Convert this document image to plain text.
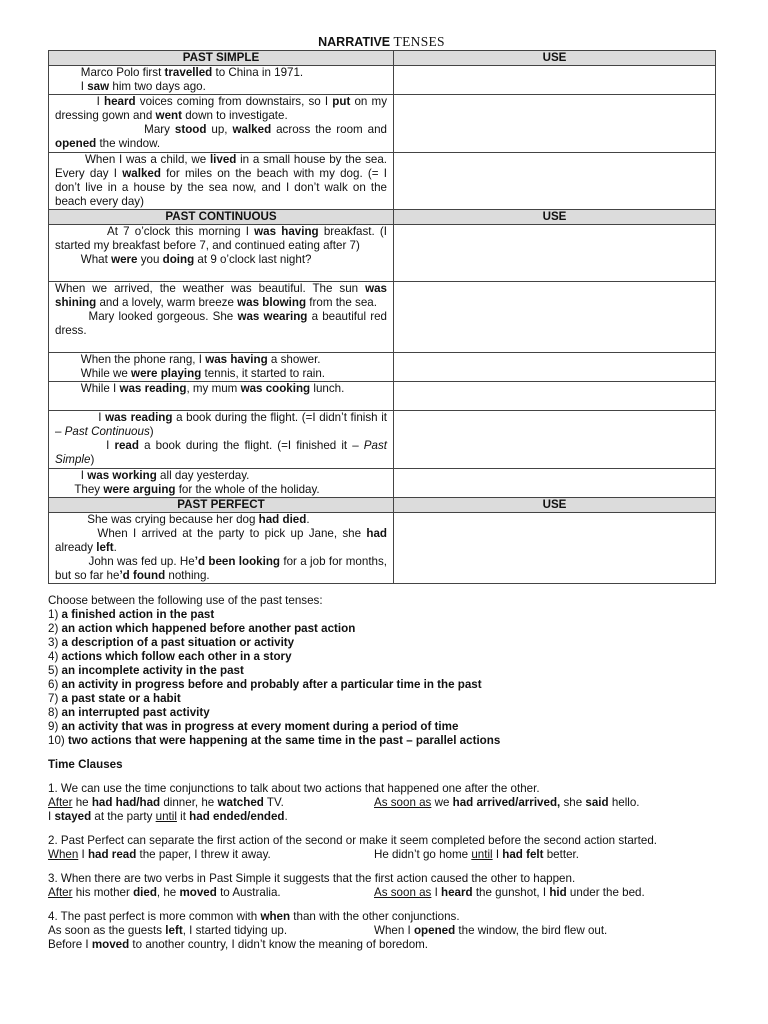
NARRATIVE TENSES
PAST SIMPLE	USE

Marco Polo first travelled to China in 1971.
I saw him two days ago.	

I heard voices coming from downstairs, so I put on my dressing gown and went down to investigate.
Mary stood up, walked across the room and opened the window.	

When I was a child, we lived in a small house by the sea. Every day I walked for miles on the beach with my dog. (= I don’t live in a house by the sea now, and I don’t walk on the beach every day)	

PAST CONTINUOUS	USE

At 7 o’clock this morning I was having breakfast. (I started my breakfast before 7, and continued eating after 7)
What were you doing at 9 o’clock last night?	

When we arrived, the weather was beautiful. The sun was shining and a lovely, warm breeze was blowing from the sea.
Mary looked gorgeous. She was wearing a beautiful red dress.	

When the phone rang, I was having a shower.
While we were playing tennis, it started to rain.	

While I was reading, my mum was cooking lunch.	

I was reading a book during the flight. (=I didn’t finish it – Past Continuous)
I read a book during the flight. (=I finished it – Past Simple)	

I was working all day yesterday.
They were arguing for the whole of the holiday.	

PAST PERFECT	USE

She was crying because her dog had died.
When I arrived at the party to pick up Jane, she had already left.
John was fed up. He’d been looking for a job for months, but so far he’d found nothing.	

Choose between the following use of the past tenses:
1) a finished action in the past
2) an action which happened before another past action
3) a description of a past situation or activity
4) actions which follow each other in a story
5) an incomplete activity in the past
6) an activity in progress before and probably after a particular time in the past
7) a past state or a habit
8) an interrupted past activity
9) an activity that was in progress at every moment during a period of time
10) two actions that were happening at the same time in the past – parallel actions
Time Clauses
1. We can use the time conjunctions to talk about two actions that happened one after the other.
After he had had/had dinner, he watched TV.	As soon as we had arrived/arrived, she said hello.
I stayed at the party until it had ended/ended.
2. Past Perfect can separate the first action of the second or make it seem completed before the second action started.
When I had read the paper, I threw it away.	He didn’t go home until I had felt better.
3. When there are two verbs in Past Simple it suggests that the first action caused the other to happen.
After his mother died, he moved to Australia.	As soon as I heard the gunshot, I hid under the bed.
4. The past perfect is more common with when than with the other conjunctions.
As soon as the guests left, I started tidying up.	When I opened the window, the bird flew out.
Before I moved to another country, I didn’t know the meaning of boredom.
